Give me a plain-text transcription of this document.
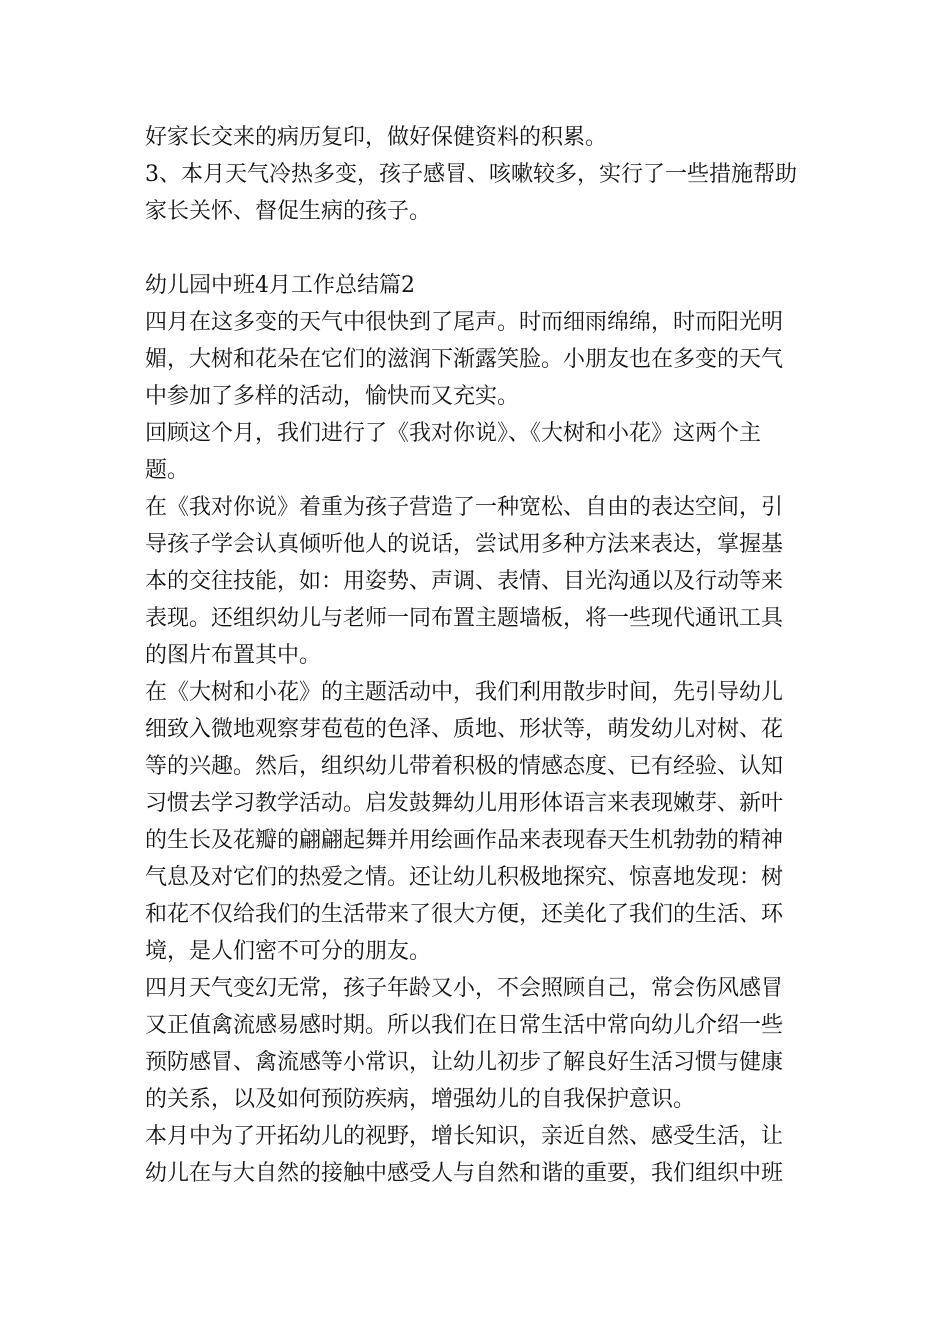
好家长交来的病历复印，做好保健资料的积累。
3、本月天气冷热多变，孩子感冒、咳嗽较多，实行了一些措施帮助
家长关怀、督促生病的孩子。
幼儿园中班4月工作总结篇2
四月在这多变的天气中很快到了尾声。时而细雨绵绵，时而阳光明
媚，大树和花朵在它们的滋润下渐露笑脸。小朋友也在多变的天气
中参加了多样的活动，愉快而又充实。
回顾这个月，我们进行了《我对你说》、《大树和小花》这两个主
题。
在《我对你说》着重为孩子营造了一种宽松、自由的表达空间，引
导孩子学会认真倾听他人的说话，尝试用多种方法来表达，掌握基
本的交往技能，如：用姿势、声调、表情、目光沟通以及行动等来
表现。还组织幼儿与老师一同布置主题墙板，将一些现代通讯工具
的图片布置其中。
在《大树和小花》的主题活动中，我们利用散步时间，先引导幼儿
细致入微地观察芽苞苞的色泽、质地、形状等，萌发幼儿对树、花
等的兴趣。然后，组织幼儿带着积极的情感态度、已有经验、认知
习惯去学习教学活动。启发鼓舞幼儿用形体语言来表现嫩芽、新叶
的生长及花瓣的翩翩起舞并用绘画作品来表现春天生机勃勃的精神
气息及对它们的热爱之情。还让幼儿积极地探究、惊喜地发现：树
和花不仅给我们的生活带来了很大方便，还美化了我们的生活、环
境，是人们密不可分的朋友。
四月天气变幻无常，孩子年龄又小，不会照顾自己，常会伤风感冒
又正值禽流感易感时期。所以我们在日常生活中常向幼儿介绍一些
预防感冒、禽流感等小常识，让幼儿初步了解良好生活习惯与健康
的关系，以及如何预防疾病，增强幼儿的自我保护意识。
本月中为了开拓幼儿的视野，增长知识，亲近自然、感受生活，让
幼儿在与大自然的接触中感受人与自然和谐的重要，我们组织中班
